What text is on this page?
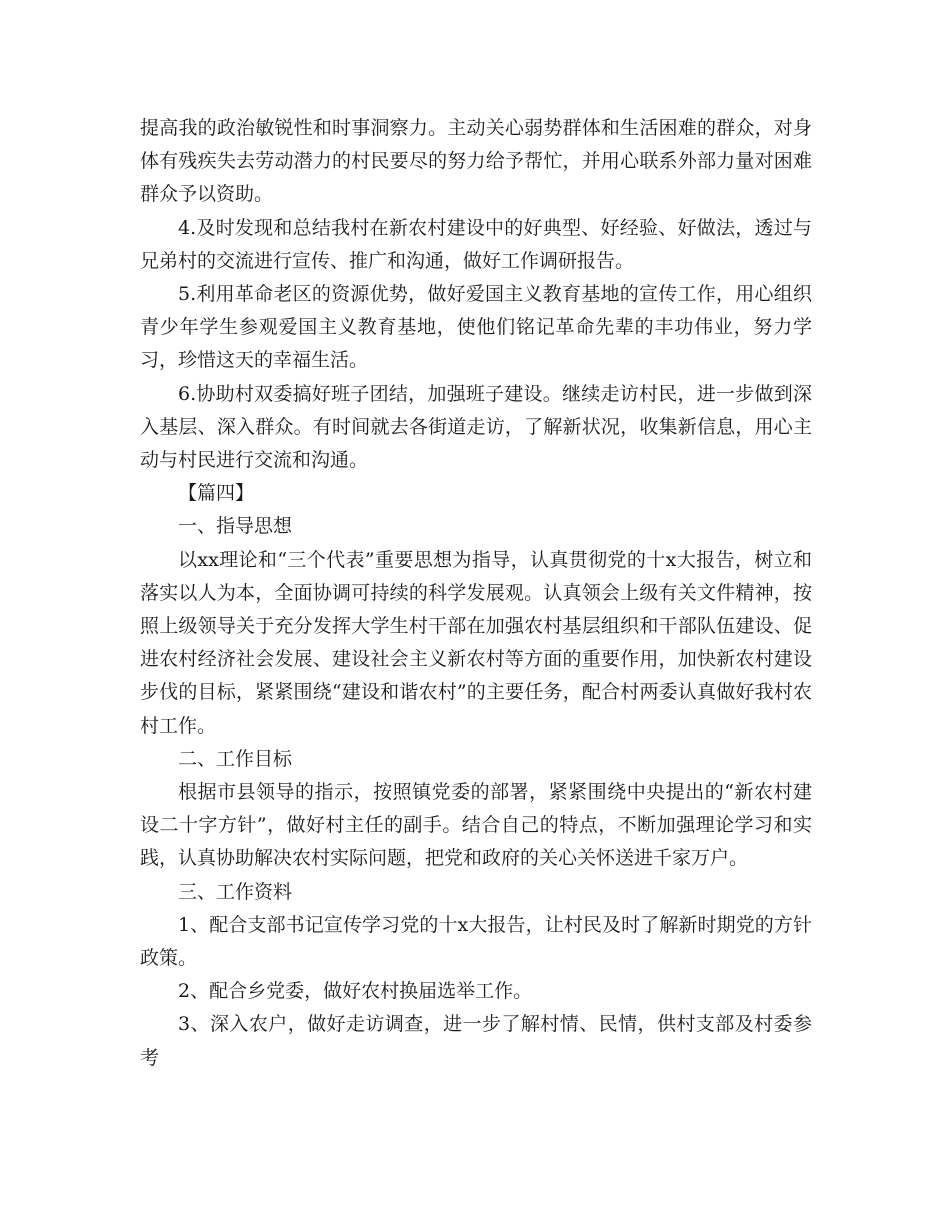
提高我的政治敏锐性和时事洞察力。主动关心弱势群体和生活困难的群众，对身体有残疾失去劳动潜力的村民要尽的努力给予帮忙，并用心联系外部力量对困难群众予以资助。

4.及时发现和总结我村在新农村建设中的好典型、好经验、好做法，透过与兄弟村的交流进行宣传、推广和沟通，做好工作调研报告。

5.利用革命老区的资源优势，做好爱国主义教育基地的宣传工作，用心组织青少年学生参观爱国主义教育基地，使他们铭记革命先辈的丰功伟业，努力学习，珍惜这天的幸福生活。

6.协助村双委搞好班子团结，加强班子建设。继续走访村民，进一步做到深入基层、深入群众。有时间就去各街道走访，了解新状况，收集新信息，用心主动与村民进行交流和沟通。

【篇四】

一、指导思想

以xx理论和“三个代表”重要思想为指导，认真贯彻党的十x大报告，树立和落实以人为本，全面协调可持续的科学发展观。认真领会上级有关文件精神，按照上级领导关于充分发挥大学生村干部在加强农村基层组织和干部队伍建设、促进农村经济社会发展、建设社会主义新农村等方面的重要作用，加快新农村建设步伐的目标，紧紧围绕“建设和谐农村”的主要任务，配合村两委认真做好我村农村工作。

二、工作目标

根据市县领导的指示，按照镇党委的部署，紧紧围绕中央提出的“新农村建设二十字方针”，做好村主任的副手。结合自己的特点，不断加强理论学习和实践，认真协助解决农村实际问题，把党和政府的关心关怀送进千家万户。

三、工作资料

1、配合支部书记宣传学习党的十x大报告，让村民及时了解新时期党的方针政策。

2、配合乡党委，做好农村换届选举工作。

3、深入农户，做好走访调查，进一步了解村情、民情，供村支部及村委参考
